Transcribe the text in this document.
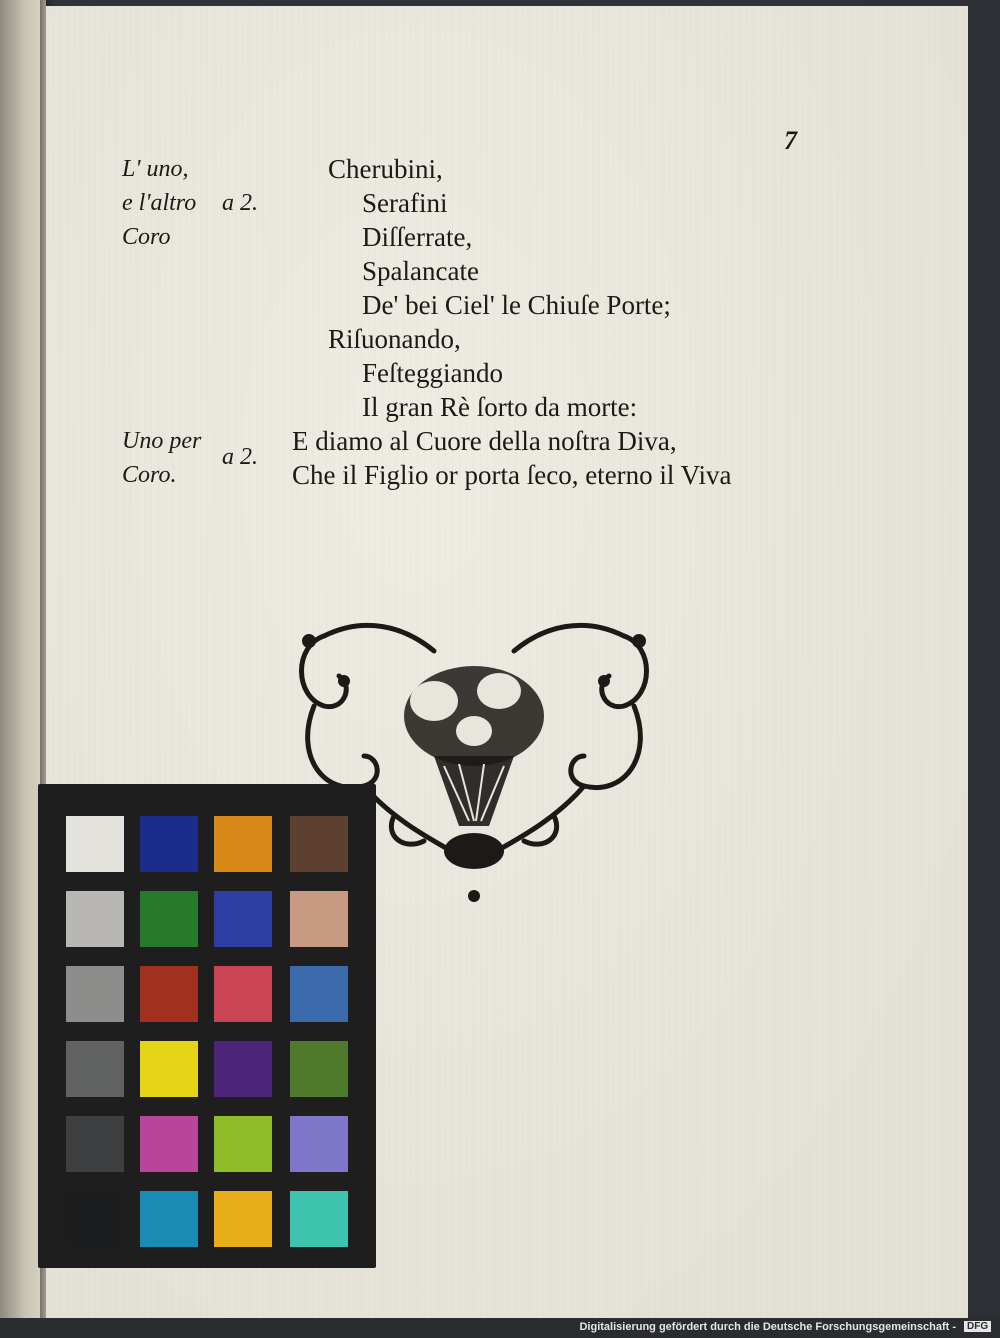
7
L' uno,
e l'altro a 2.
Coro
Uno per
Coro.
a 2.
Cherubini,
Serafini
Diſſerrate,
Spalancate
De' bei Ciel' le Chiuſe Porte;
Riſuonando,
Feſteggiando
Il gran Rè ſorto da morte:
E diamo al Cuore della noſtra Diva,
Che il Figlio or porta ſeco, eterno il Viva
Digitalisierung gefördert durch die Deutsche Forschungsgemeinschaft -	DFG
